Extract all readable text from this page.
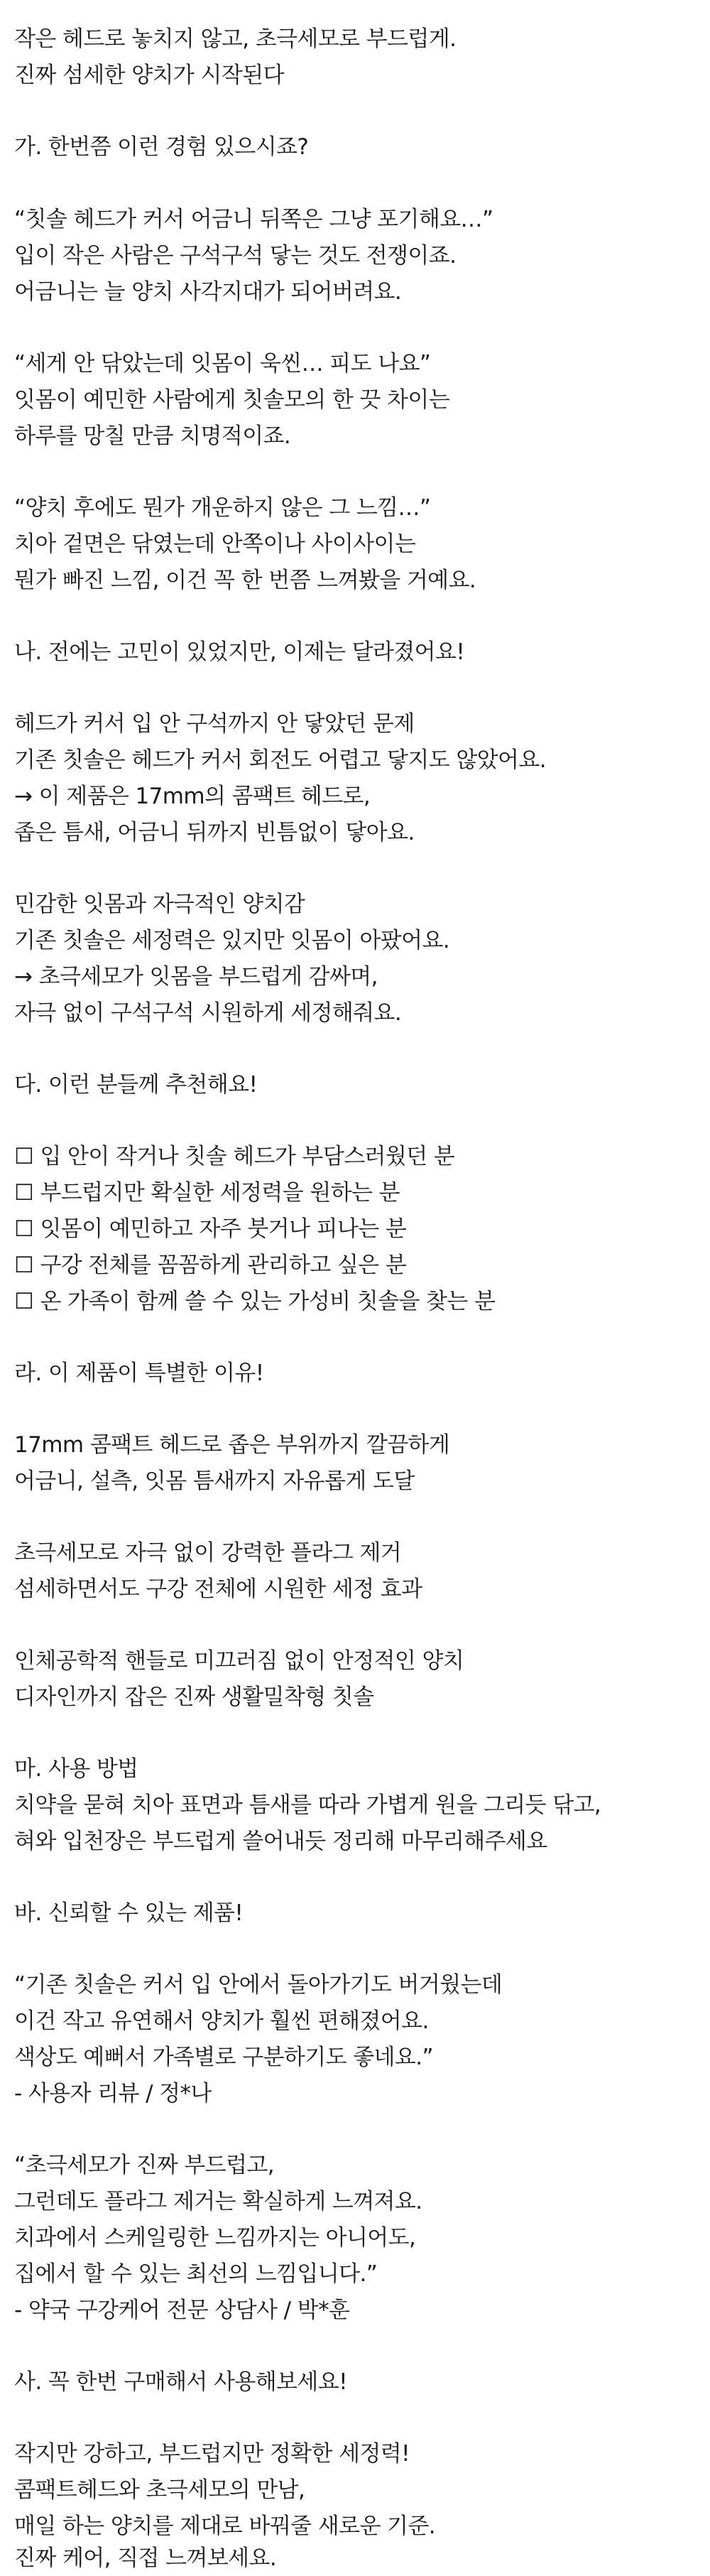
작은 헤드로 놓치지 않고, 초극세모로 부드럽게.

진짜 섬세한 양치가 시작된다

가. 한번쯤 이런 경험 있으시죠?

“칫솔 헤드가 커서 어금니 뒤쪽은 그냥 포기해요…”

입이 작은 사람은 구석구석 닿는 것도 전쟁이죠.

어금니는 늘 양치 사각지대가 되어버려요.

“세게 안 닦았는데 잇몸이 욱씬… 피도 나요”

잇몸이 예민한 사람에게 칫솔모의 한 끗 차이는

하루를 망칠 만큼 치명적이죠.

“양치 후에도 뭔가 개운하지 않은 그 느낌…”

치아 겉면은 닦였는데 안쪽이나 사이사이는

뭔가 빠진 느낌, 이건 꼭 한 번쯤 느껴봤을 거예요.

나. 전에는 고민이 있었지만, 이제는 달라졌어요!

헤드가 커서 입 안 구석까지 안 닿았던 문제

기존 칫솔은 헤드가 커서 회전도 어렵고 닿지도 않았어요.

→ 이 제품은 17mm의 콤팩트 헤드로,

좁은 틈새, 어금니 뒤까지 빈틈없이 닿아요.

민감한 잇몸과 자극적인 양치감

기존 칫솔은 세정력은 있지만 잇몸이 아팠어요.

→ 초극세모가 잇몸을 부드럽게 감싸며,

자극 없이 구석구석 시원하게 세정해줘요.

다. 이런 분들께 추천해요!

☐ 입 안이 작거나 칫솔 헤드가 부담스러웠던 분

☐ 부드럽지만 확실한 세정력을 원하는 분

☐ 잇몸이 예민하고 자주 붓거나 피나는 분

☐ 구강 전체를 꼼꼼하게 관리하고 싶은 분

☐ 온 가족이 함께 쓸 수 있는 가성비 칫솔을 찾는 분

라. 이 제품이 특별한 이유!

17mm 콤팩트 헤드로 좁은 부위까지 깔끔하게

어금니, 설측, 잇몸 틈새까지 자유롭게 도달

초극세모로 자극 없이 강력한 플라그 제거

섬세하면서도 구강 전체에 시원한 세정 효과

인체공학적 핸들로 미끄러짐 없이 안정적인 양치

디자인까지 잡은 진짜 생활밀착형 칫솔

마. 사용 방법

치약을 묻혀 치아 표면과 틈새를 따라 가볍게 원을 그리듯 닦고,

혀와 입천장은 부드럽게 쓸어내듯 정리해 마무리해주세요

바. 신뢰할 수 있는 제품!

“기존 칫솔은 커서 입 안에서 돌아가기도 버거웠는데

이건 작고 유연해서 양치가 훨씬 편해졌어요.

색상도 예뻐서 가족별로 구분하기도 좋네요.”

- 사용자 리뷰 / 정*나

“초극세모가 진짜 부드럽고,

그런데도 플라그 제거는 확실하게 느껴져요.

치과에서 스케일링한 느낌까지는 아니어도,

집에서 할 수 있는 최선의 느낌입니다.”

- 약국 구강케어 전문 상담사 / 박*훈

사. 꼭 한번 구매해서 사용해보세요!

작지만 강하고, 부드럽지만 정확한 세정력!

콤팩트헤드와 초극세모의 만남,

매일 하는 양치를 제대로 바꿔줄 새로운 기준.

진짜 케어, 직접 느껴보세요.
